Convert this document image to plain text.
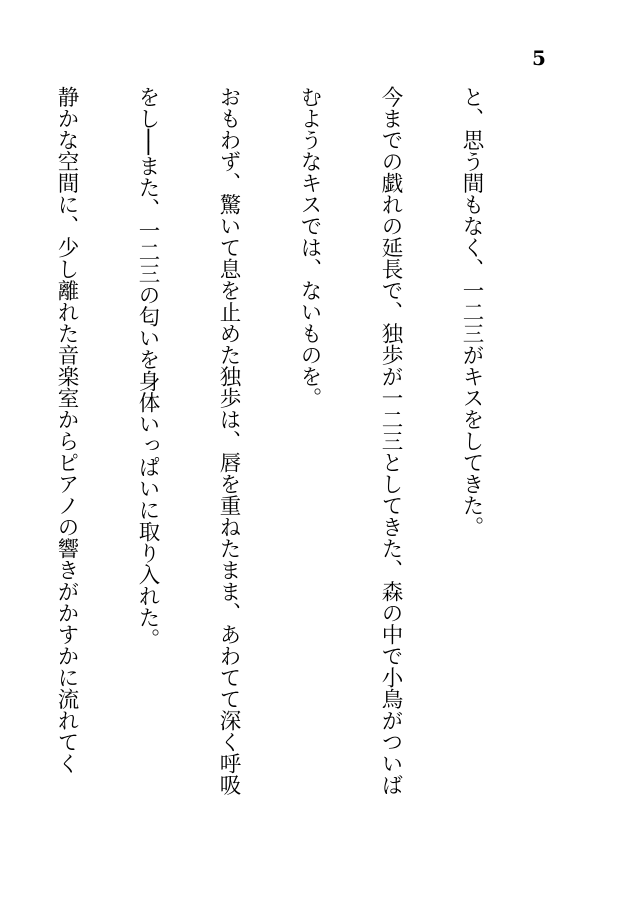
5

と、思う間もなく、一二三がキスをしてきた。

今までの戯れの延長で、独歩が一二三としてきた、森の中で小鳥がついば

むようなキスでは、ないものを。

おもわず、驚いて息を止めた独歩は、唇を重ねたまま、あわてて深く呼吸

をし──また、一二三の匂いを身体いっぱいに取り入れた。

静かな空間に、少し離れた音楽室からピアノの響きがかすかに流れてく
